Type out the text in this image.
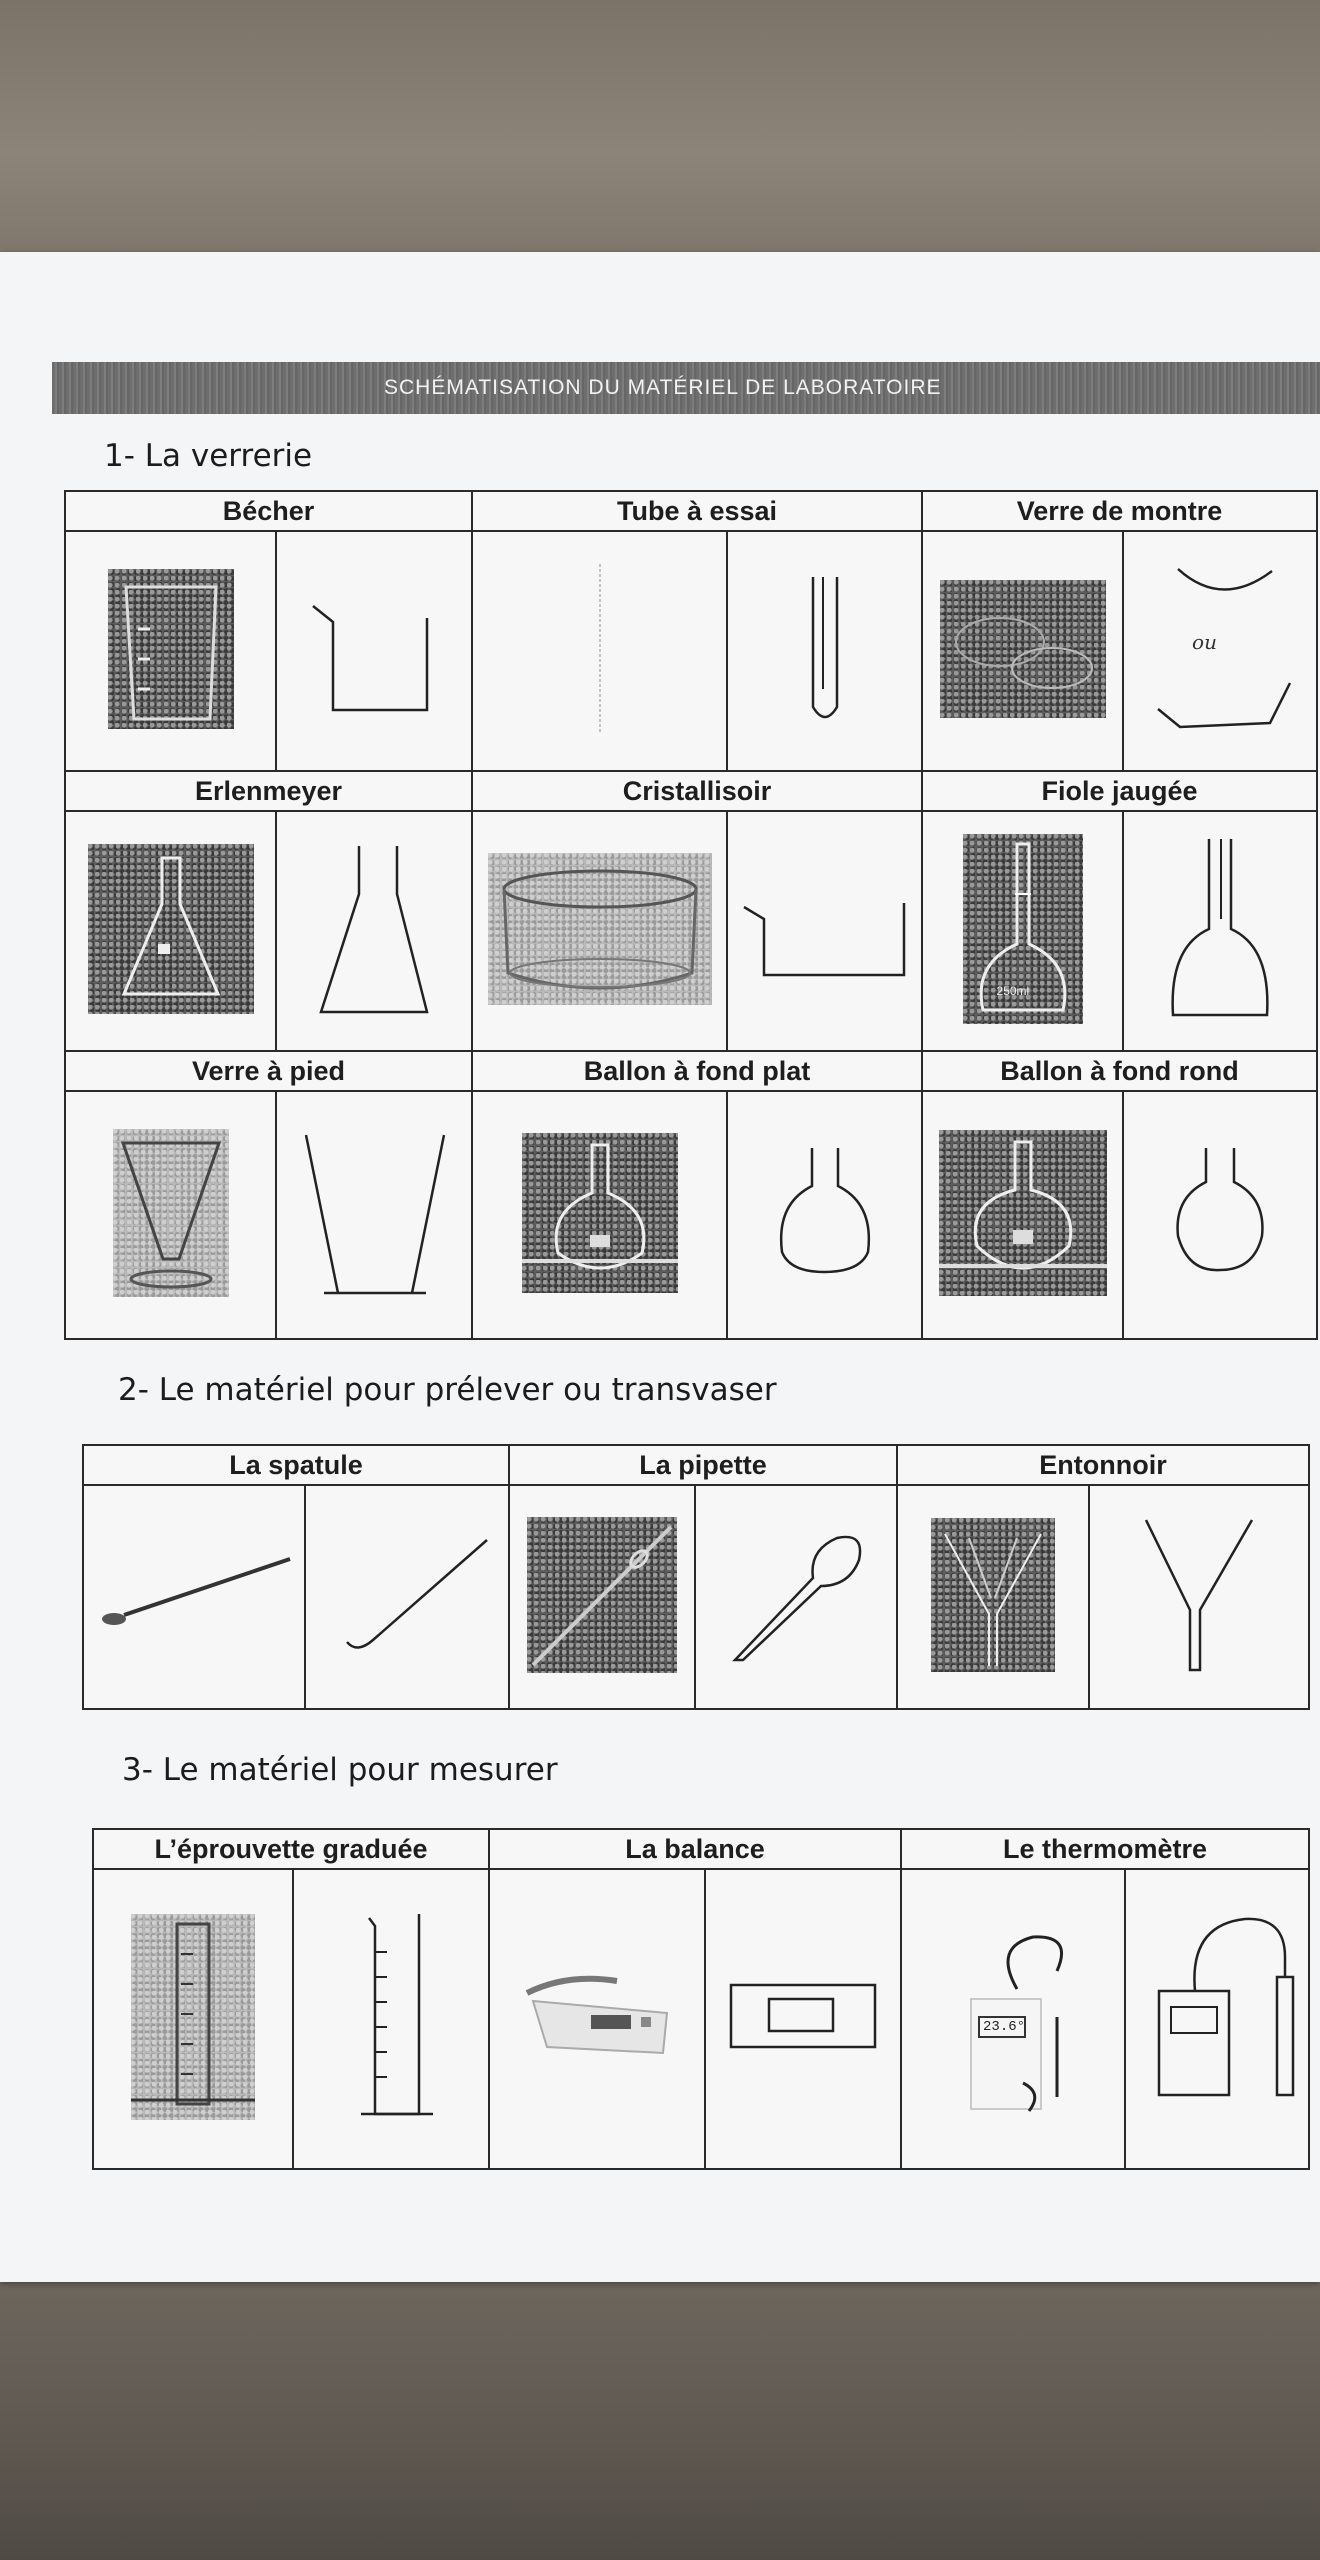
SCHÉMATISATION DU MATÉRIEL DE LABORATOIRE
1- La verrerie
Bécher		Tube à essai		Verre de montre	

ou

Erlenmeyer		Cristallisoir		Fiole jaugée	

250ml

Verre à pied		Ballon à fond plat		Ballon à fond rond	

2- Le matériel pour prélever ou transvaser
La spatule		La pipette		Entonnoir	

3- Le matériel pour mesurer
L’éprouvette graduée		La balance		Le thermomètre	

23.6°
